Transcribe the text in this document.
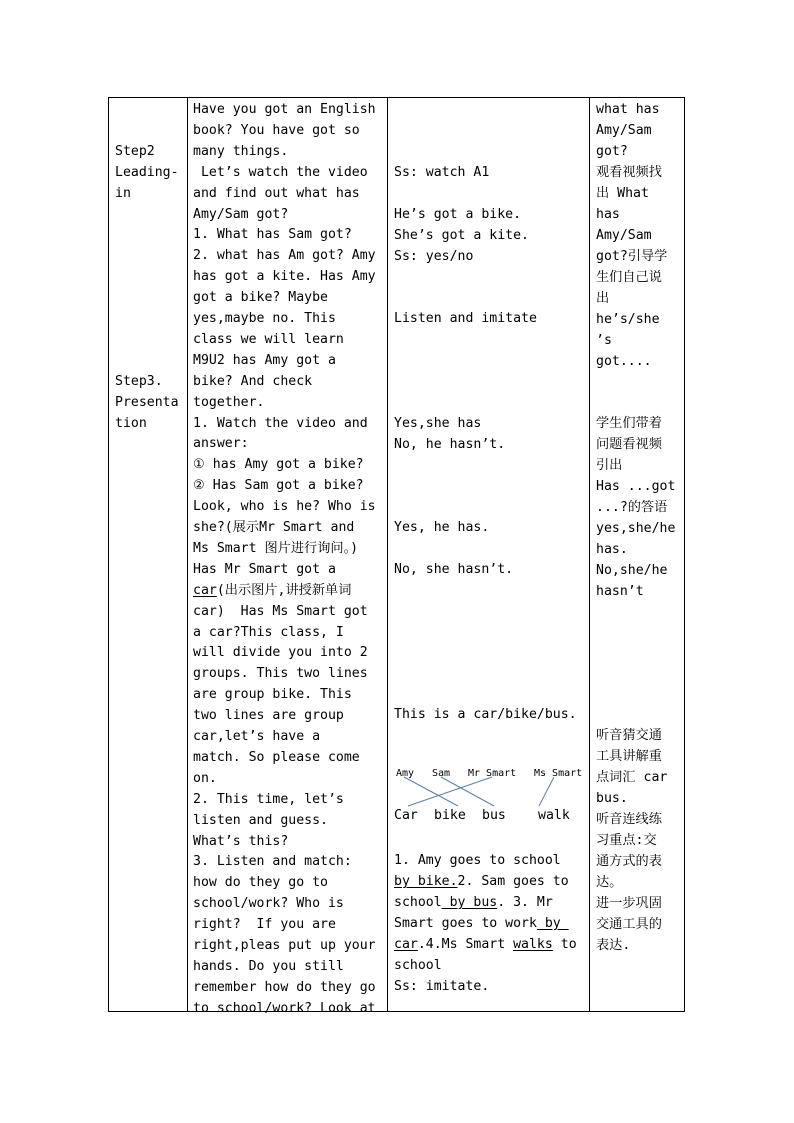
Step2

Leading-

in

Step3.

Presenta

tion

Have you got an English
book? You have got so
many things.
Let’s watch the video
and find out what has
Amy/Sam got?
1. What has Sam got?
2. what has Am got? Amy
has got a kite. Has Amy
got a bike? Maybe
yes,maybe no. This
class we will learn
M9U2 has Amy got a
bike? And check
together.
1. Watch the video and
answer:
① has Amy got a bike?
② Has Sam got a bike?
Look, who is he? Who is
she?(展示Mr Smart and
Ms Smart 图片进行询问。)
Has Mr Smart got a
car(出示图片,讲授新单词
car)  Has Ms Smart got
a car?This class, I
will divide you into 2
groups. This two lines
are group bike. This
two lines are group
car,let’s have a
match. So please come
on.
2. This time, let’s
listen and guess.
What’s this?
3. Listen and match:
how do they go to
school/work? Who is
right?  If you are
right,pleas put up your
hands. Do you still
remember how do they go
to school/work? Look at

Ss: watch A1

He’s got a bike.

She’s got a kite.

Ss: yes/no

Listen and imitate

Yes,she has

No, he hasn’t.

Yes, he has.

No, she hasn’t.

This is a car/bike/bus.

Amy

Sam

Mr Smart

Ms Smart

Car

bike

bus

walk

1. Amy goes to school

by bike.2. Sam goes to

school by bus. 3. Mr

Smart goes to work by

car.4.Ms Smart walks to

school

Ss: imitate.

what has

Amy/Sam

got?

观看视频找

出 What

has

Amy/Sam

got?引导学

生们自己说

出

he’s/she

’s

got....

学生们带着

问题看视频

引出

Has ...got

...?的答语

yes,she/he

has.

No,she/he

hasn’t

听音猜交通

工具讲解重

点词汇 car

bus.

听音连线练

习重点:交

通方式的表

达。

进一步巩固

交通工具的

表达.
